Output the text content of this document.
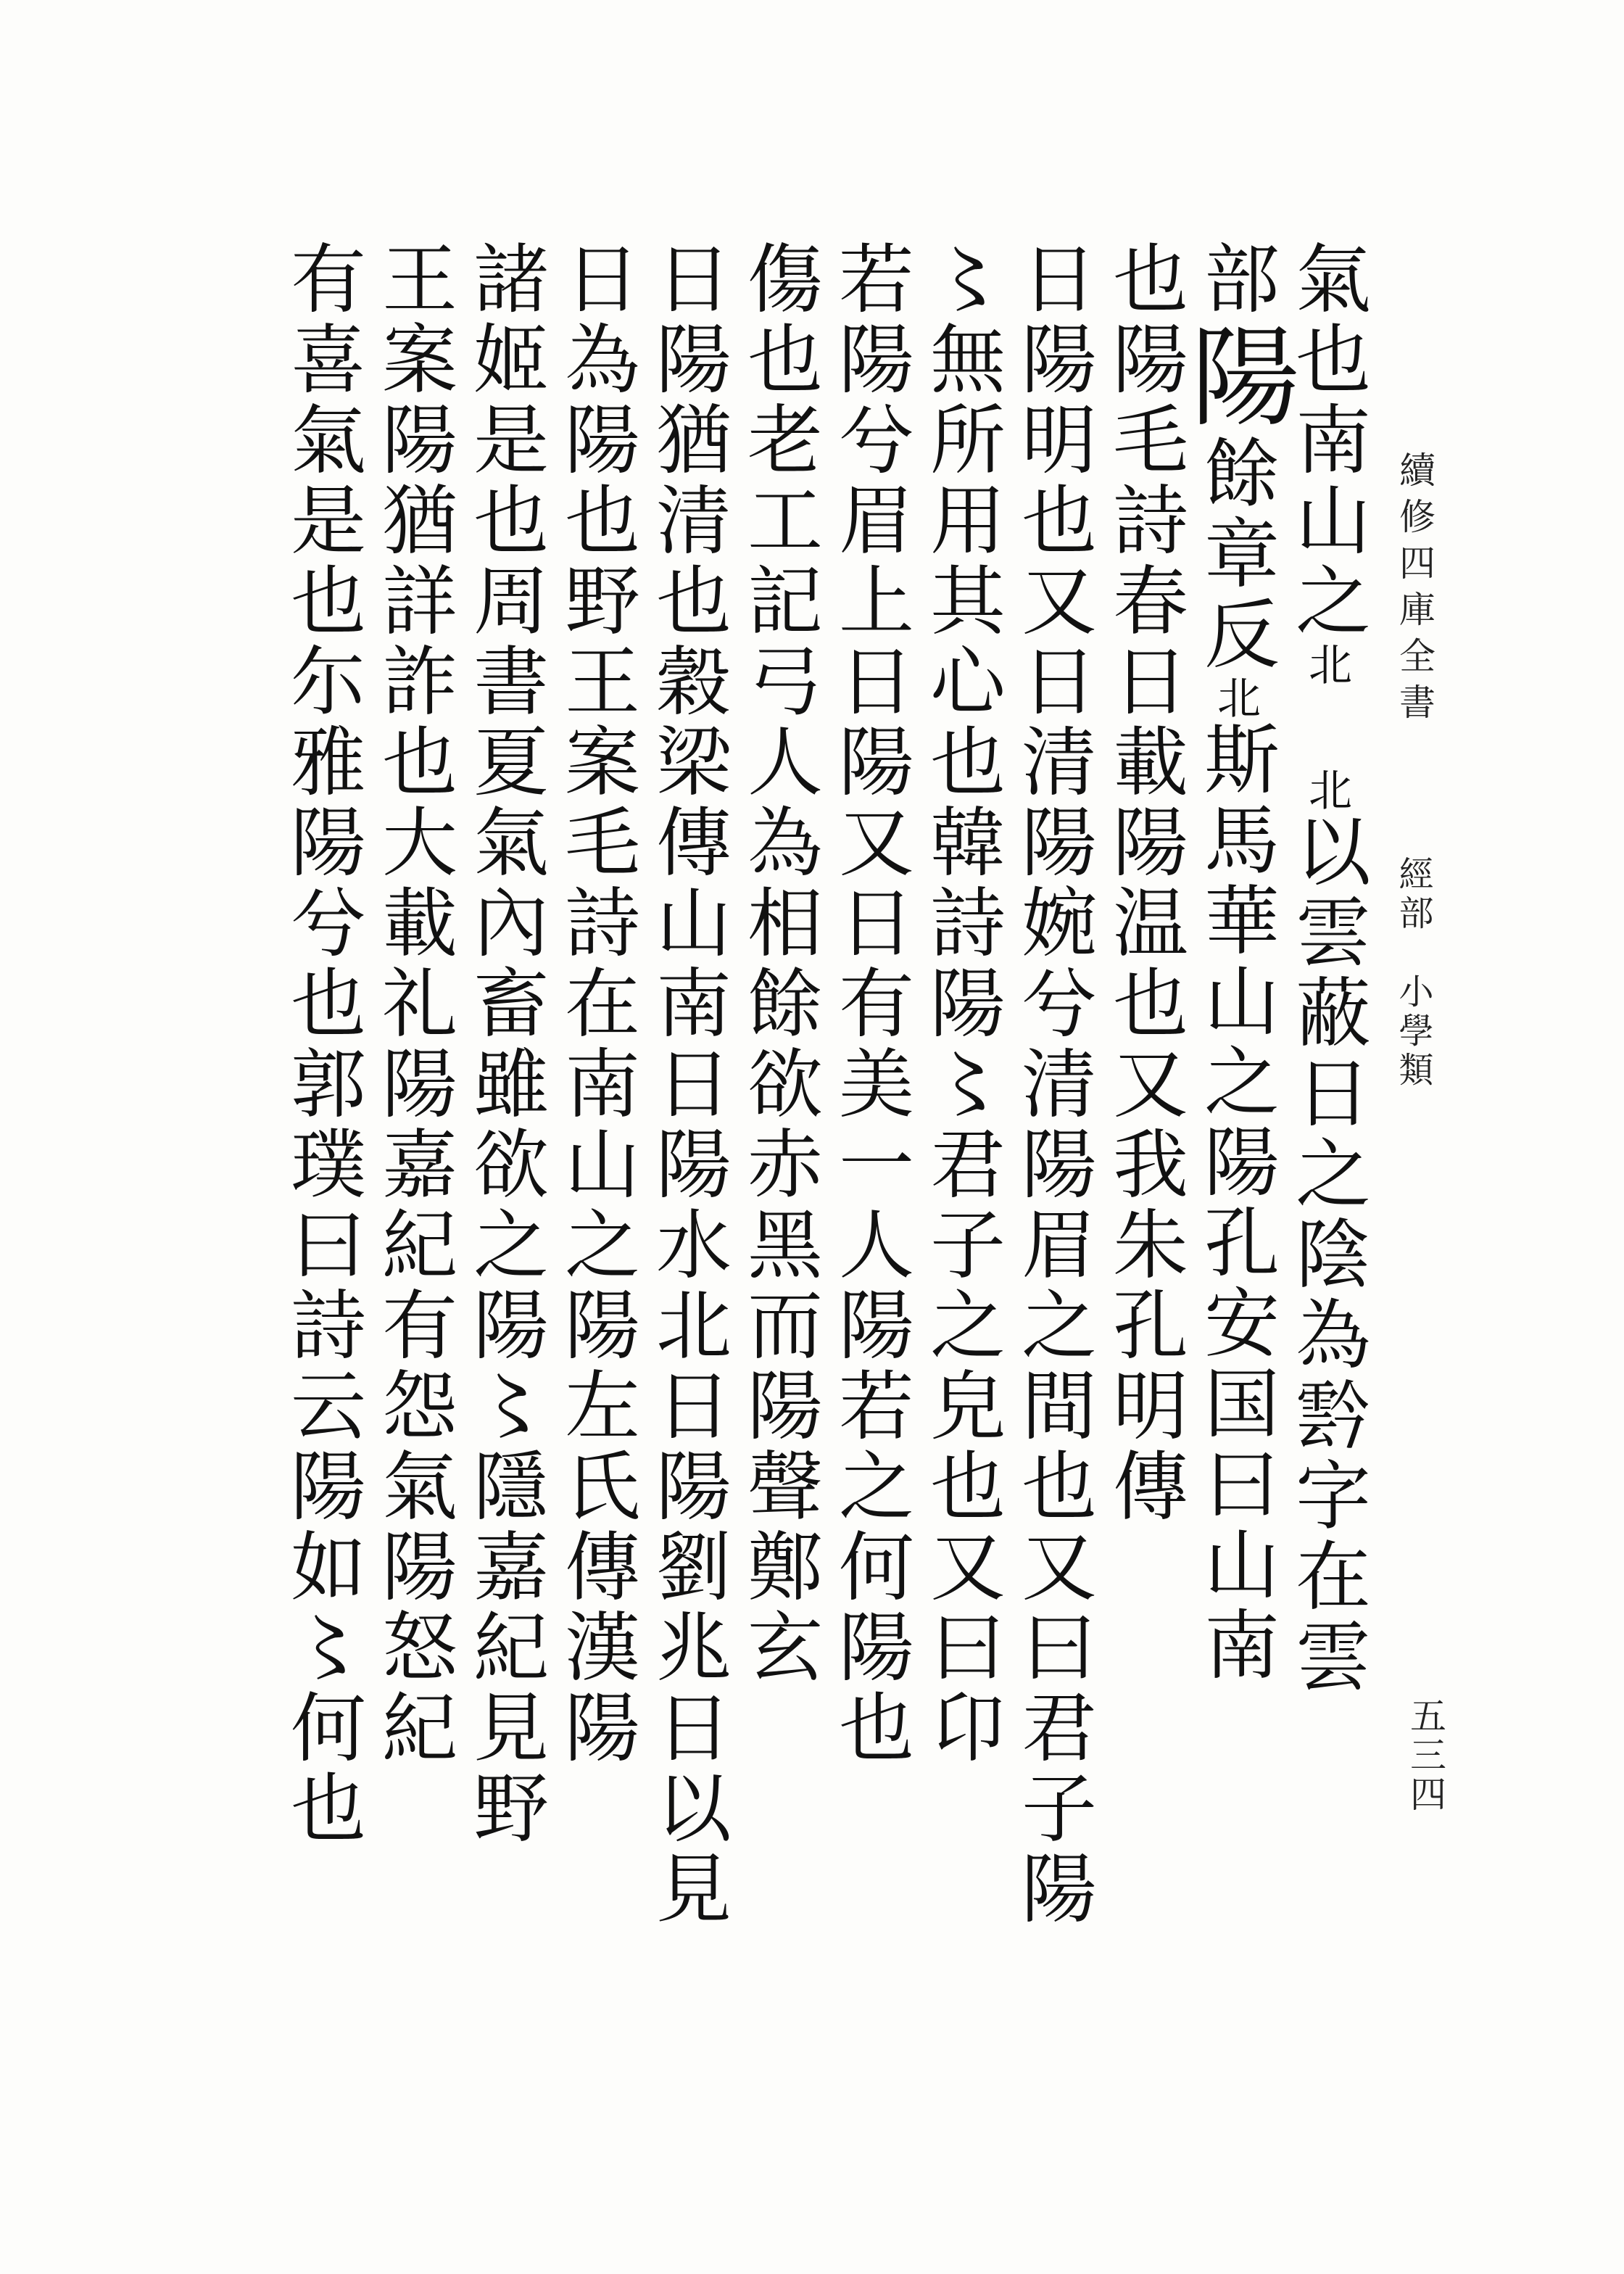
續修四庫全書
經部　小學類
五三四
氣也南山之北　北以雲蔽日之陰為霒字在雲
部陽餘章反北斯馬華山之陽孔安国曰山南
也陽毛詩春日載陽温也又我朱孔明傳
日陽明也又日清陽婉兮清陽眉之間也又曰君子陽
〻無所用其心也韓詩陽〻君子之皃也又曰卬
若陽兮眉上日陽又日有美一人陽若之何陽也
傷也老工記弓人為相餘欲赤黑而陽聲鄭玄
日陽猶清也穀梁傳山南日陽水北日陽劉兆日以見
日為陽也野王案毛詩在南山之陽左氏傳漢陽
諸姬是也周書夏氣內畜雖欲之陽〻隱嘉紀見野
王案陽猶詳詐也大載礼陽嘉紀有怨氣陽怒紀
有喜氣是也尓雅陽兮也郭璞曰詩云陽如〻何也
